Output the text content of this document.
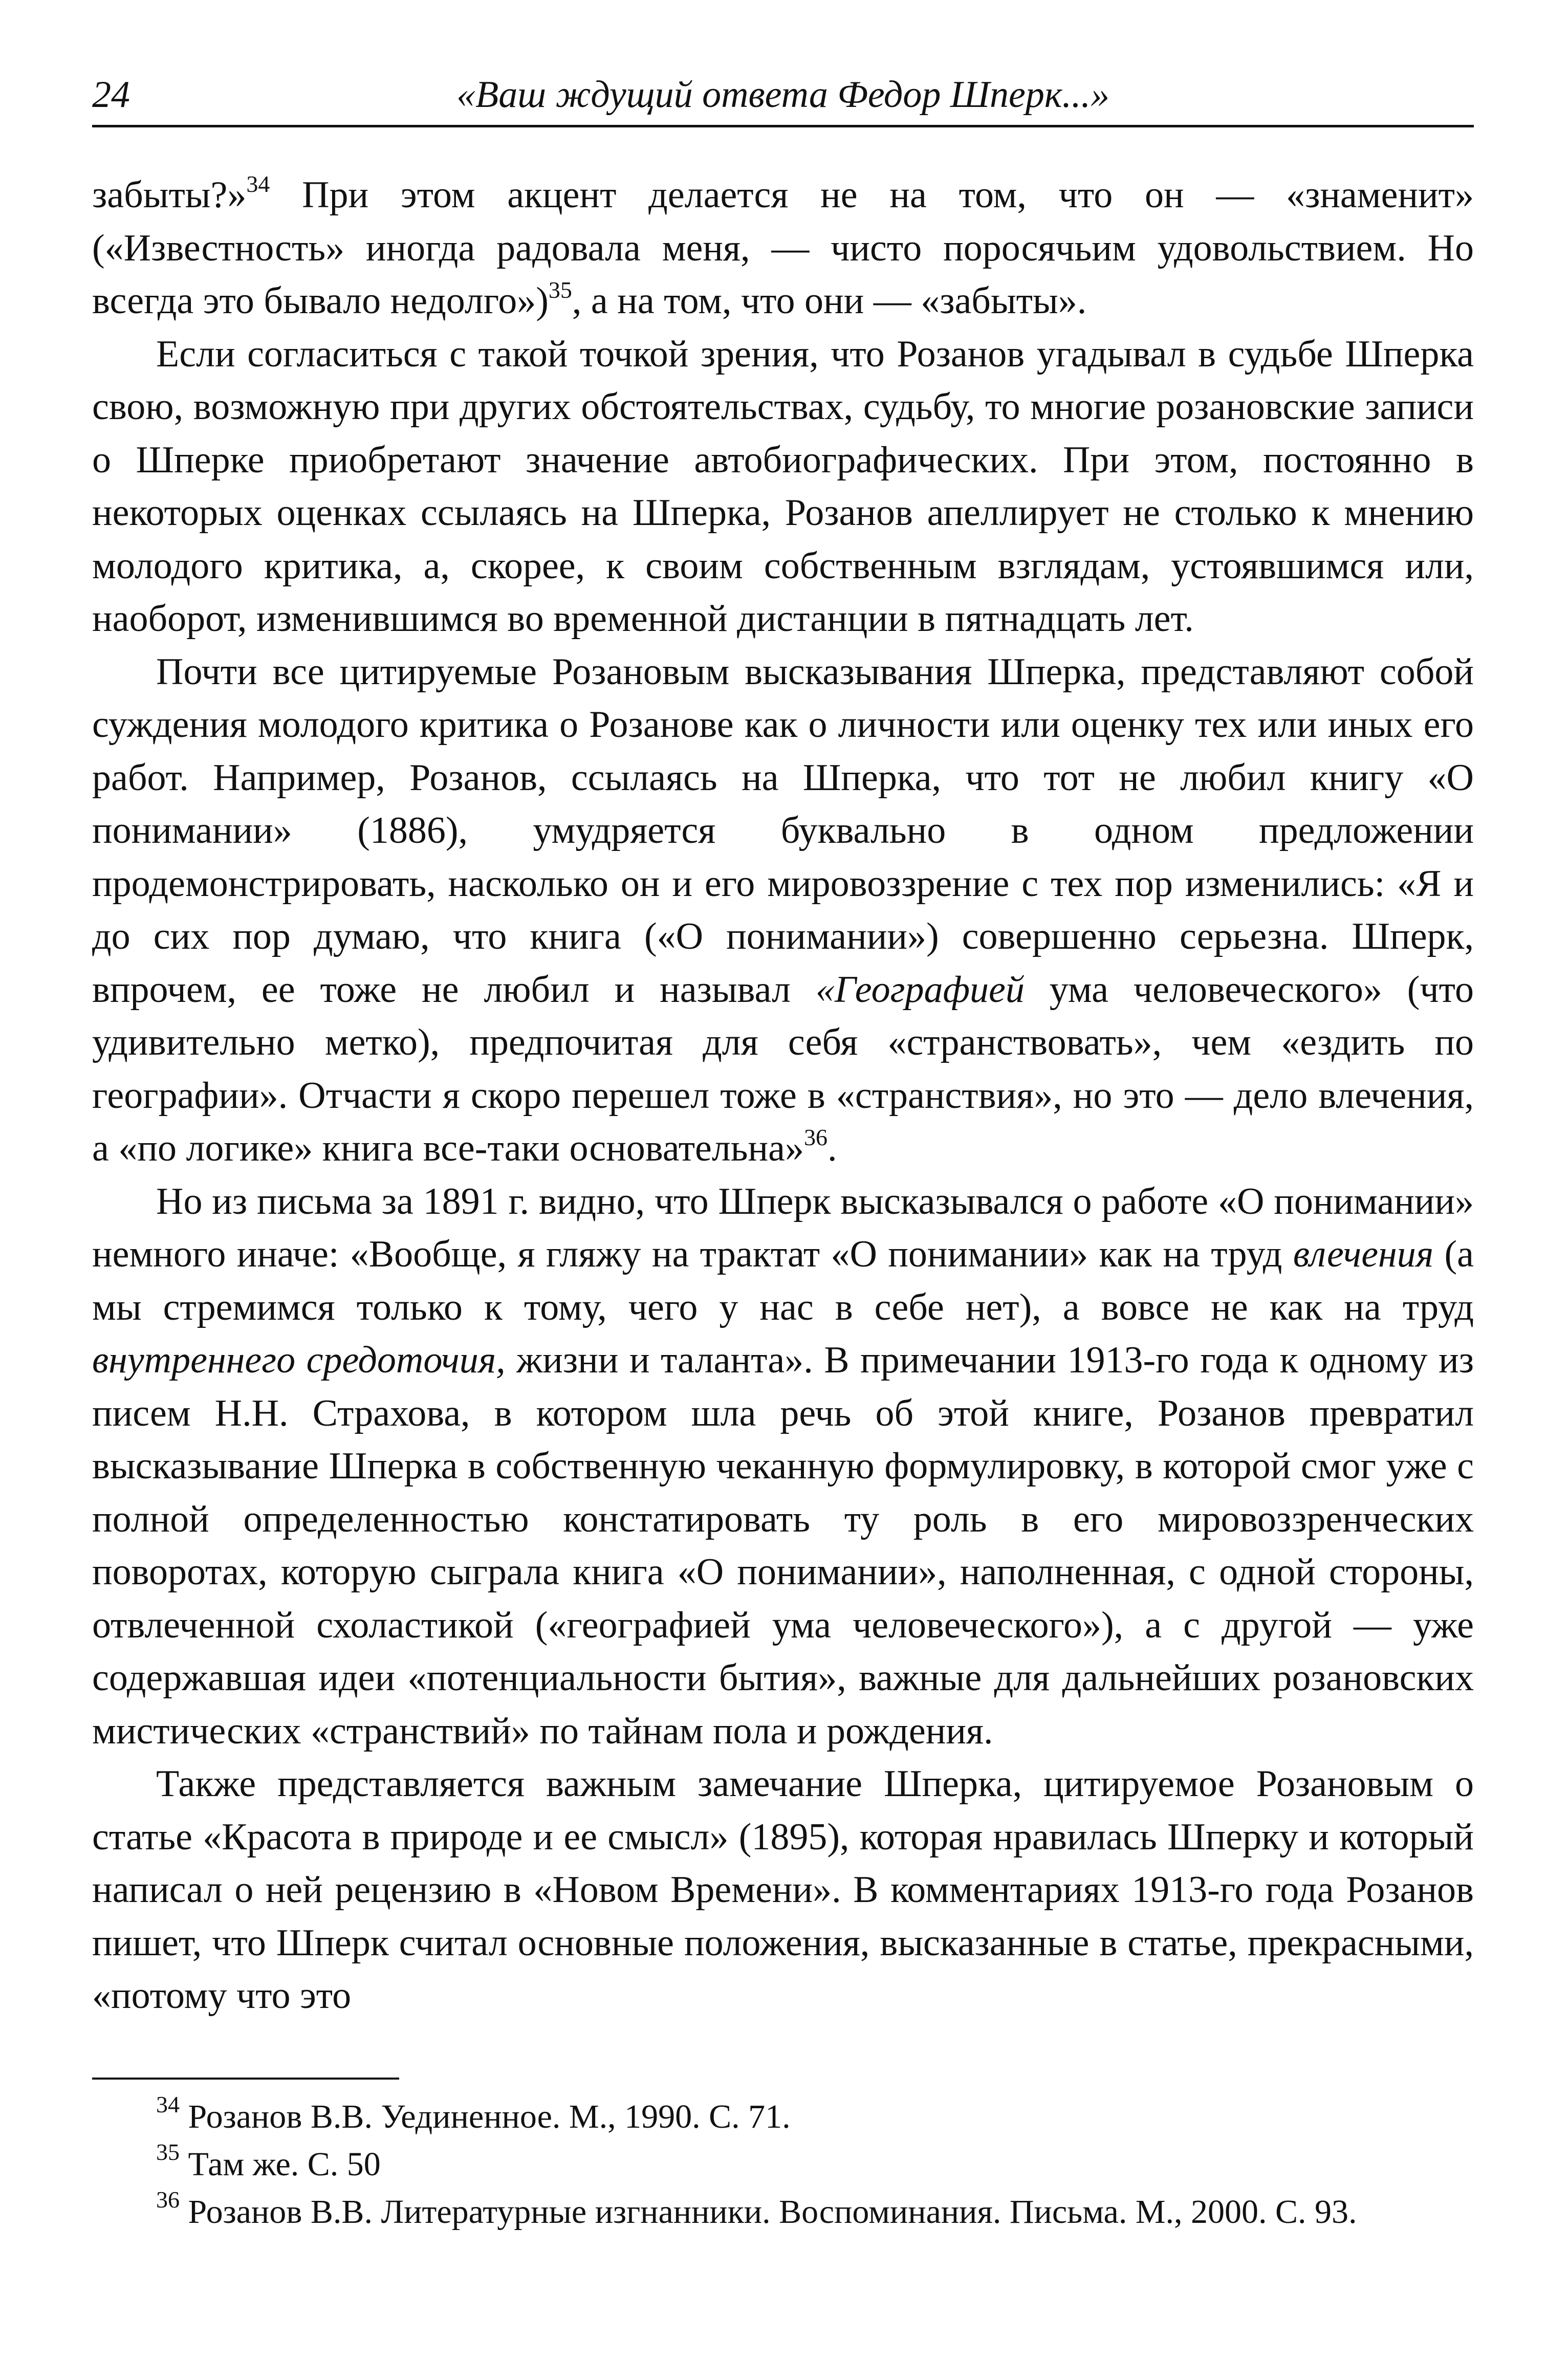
24	«Ваш ждущий ответа Федор Шперк...»

забыты?»$^{34}$ При этом акцент делается не на том, что он — «знаменит» («Известность» иногда радовала меня, — чисто поросячьим удовольствием. Но всегда это бывало недолго»)$^{35}$, а на том, что они — «забыты».

Если согласиться с такой точкой зрения, что Розанов угадывал в судьбе Шперка свою, возможную при других обстоятельствах, судьбу, то многие розановские записи о Шперке приобретают значение автобиографических. При этом, постоянно в некоторых оценках ссылаясь на Шперка, Розанов апеллирует не столько к мнению молодого критика, а, скорее, к своим собственным взглядам, устоявшимся или, наоборот, изменившимся во временной дистанции в пятнадцать лет.

Почти все цитируемые Розановым высказывания Шперка, представляют собой суждения молодого критика о Розанове как о личности или оценку тех или иных его работ. Например, Розанов, ссылаясь на Шперка, что тот не любил книгу «О понимании» (1886), умудряется буквально в одном предложении продемонстрировать, насколько он и его мировоззрение с тех пор изменились: «Я и до сих пор думаю, что книга («О понимании») совершенно серьезна. Шперк, впрочем, ее тоже не любил и называл «Географией ума человеческого» (что удивительно метко), предпочитая для себя «странствовать», чем «ездить по географии». Отчасти я скоро перешел тоже в «странствия», но это — дело влечения, а «по логике» книга все-таки основательна»$^{36}$.

Но из письма за 1891 г. видно, что Шперк высказывался о работе «О понимании» немного иначе: «Вообще, я гляжу на трактат «О понимании» как на труд влечения (а мы стремимся только к тому, чего у нас в себе нет), а вовсе не как на труд внутреннего средоточия, жизни и таланта». В примечании 1913-го года к одному из писем Н.Н. Страхова, в котором шла речь об этой книге, Розанов превратил высказывание Шперка в собственную чеканную формулировку, в которой смог уже с полной определенностью констатировать ту роль в его мировоззренческих поворотах, которую сыграла книга «О понимании», наполненная, с одной стороны, отвлеченной схоластикой («географией ума человеческого»), а с другой — уже содержавшая идеи «потенциальности бытия», важные для дальнейших розановских мистических «странствий» по тайнам пола и рождения.

Также представляется важным замечание Шперка, цитируемое Розановым о статье «Красота в природе и ее смысл» (1895), которая нравилась Шперку и который написал о ней рецензию в «Новом Времени». В комментариях 1913-го года Розанов пишет, что Шперк считал основные положения, высказанные в статье, прекрасными, «потому что это

$^{34}$ Розанов В.В. Уединенное. М., 1990. С. 71.

$^{35}$ Там же. С. 50

$^{36}$ Розанов В.В. Литературные изгнанники. Воспоминания. Письма. М., 2000. С. 93.
